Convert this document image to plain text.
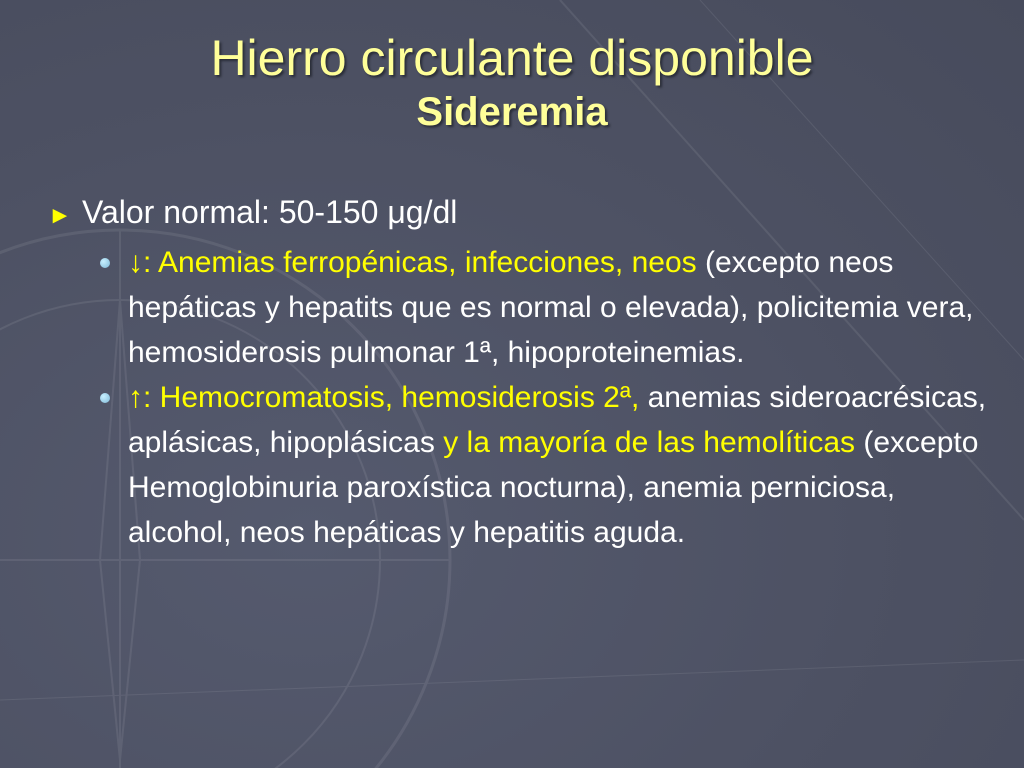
Hierro circulante disponible
Sideremia
► Valor normal: 50-150 μg/dl
↓: Anemias ferropénicas, infecciones, neos (excepto neos hepáticas y hepatits que es normal o elevada), policitemia vera, hemosiderosis pulmonar 1ª, hipoproteinemias.
↑: Hemocromatosis, hemosiderosis 2ª, anemias sideroacrésicas, aplásicas, hipoplásicas y la mayoría de las hemolíticas (excepto Hemoglobinuria paroxística nocturna), anemia perniciosa, alcohol, neos hepáticas y hepatitis aguda.
